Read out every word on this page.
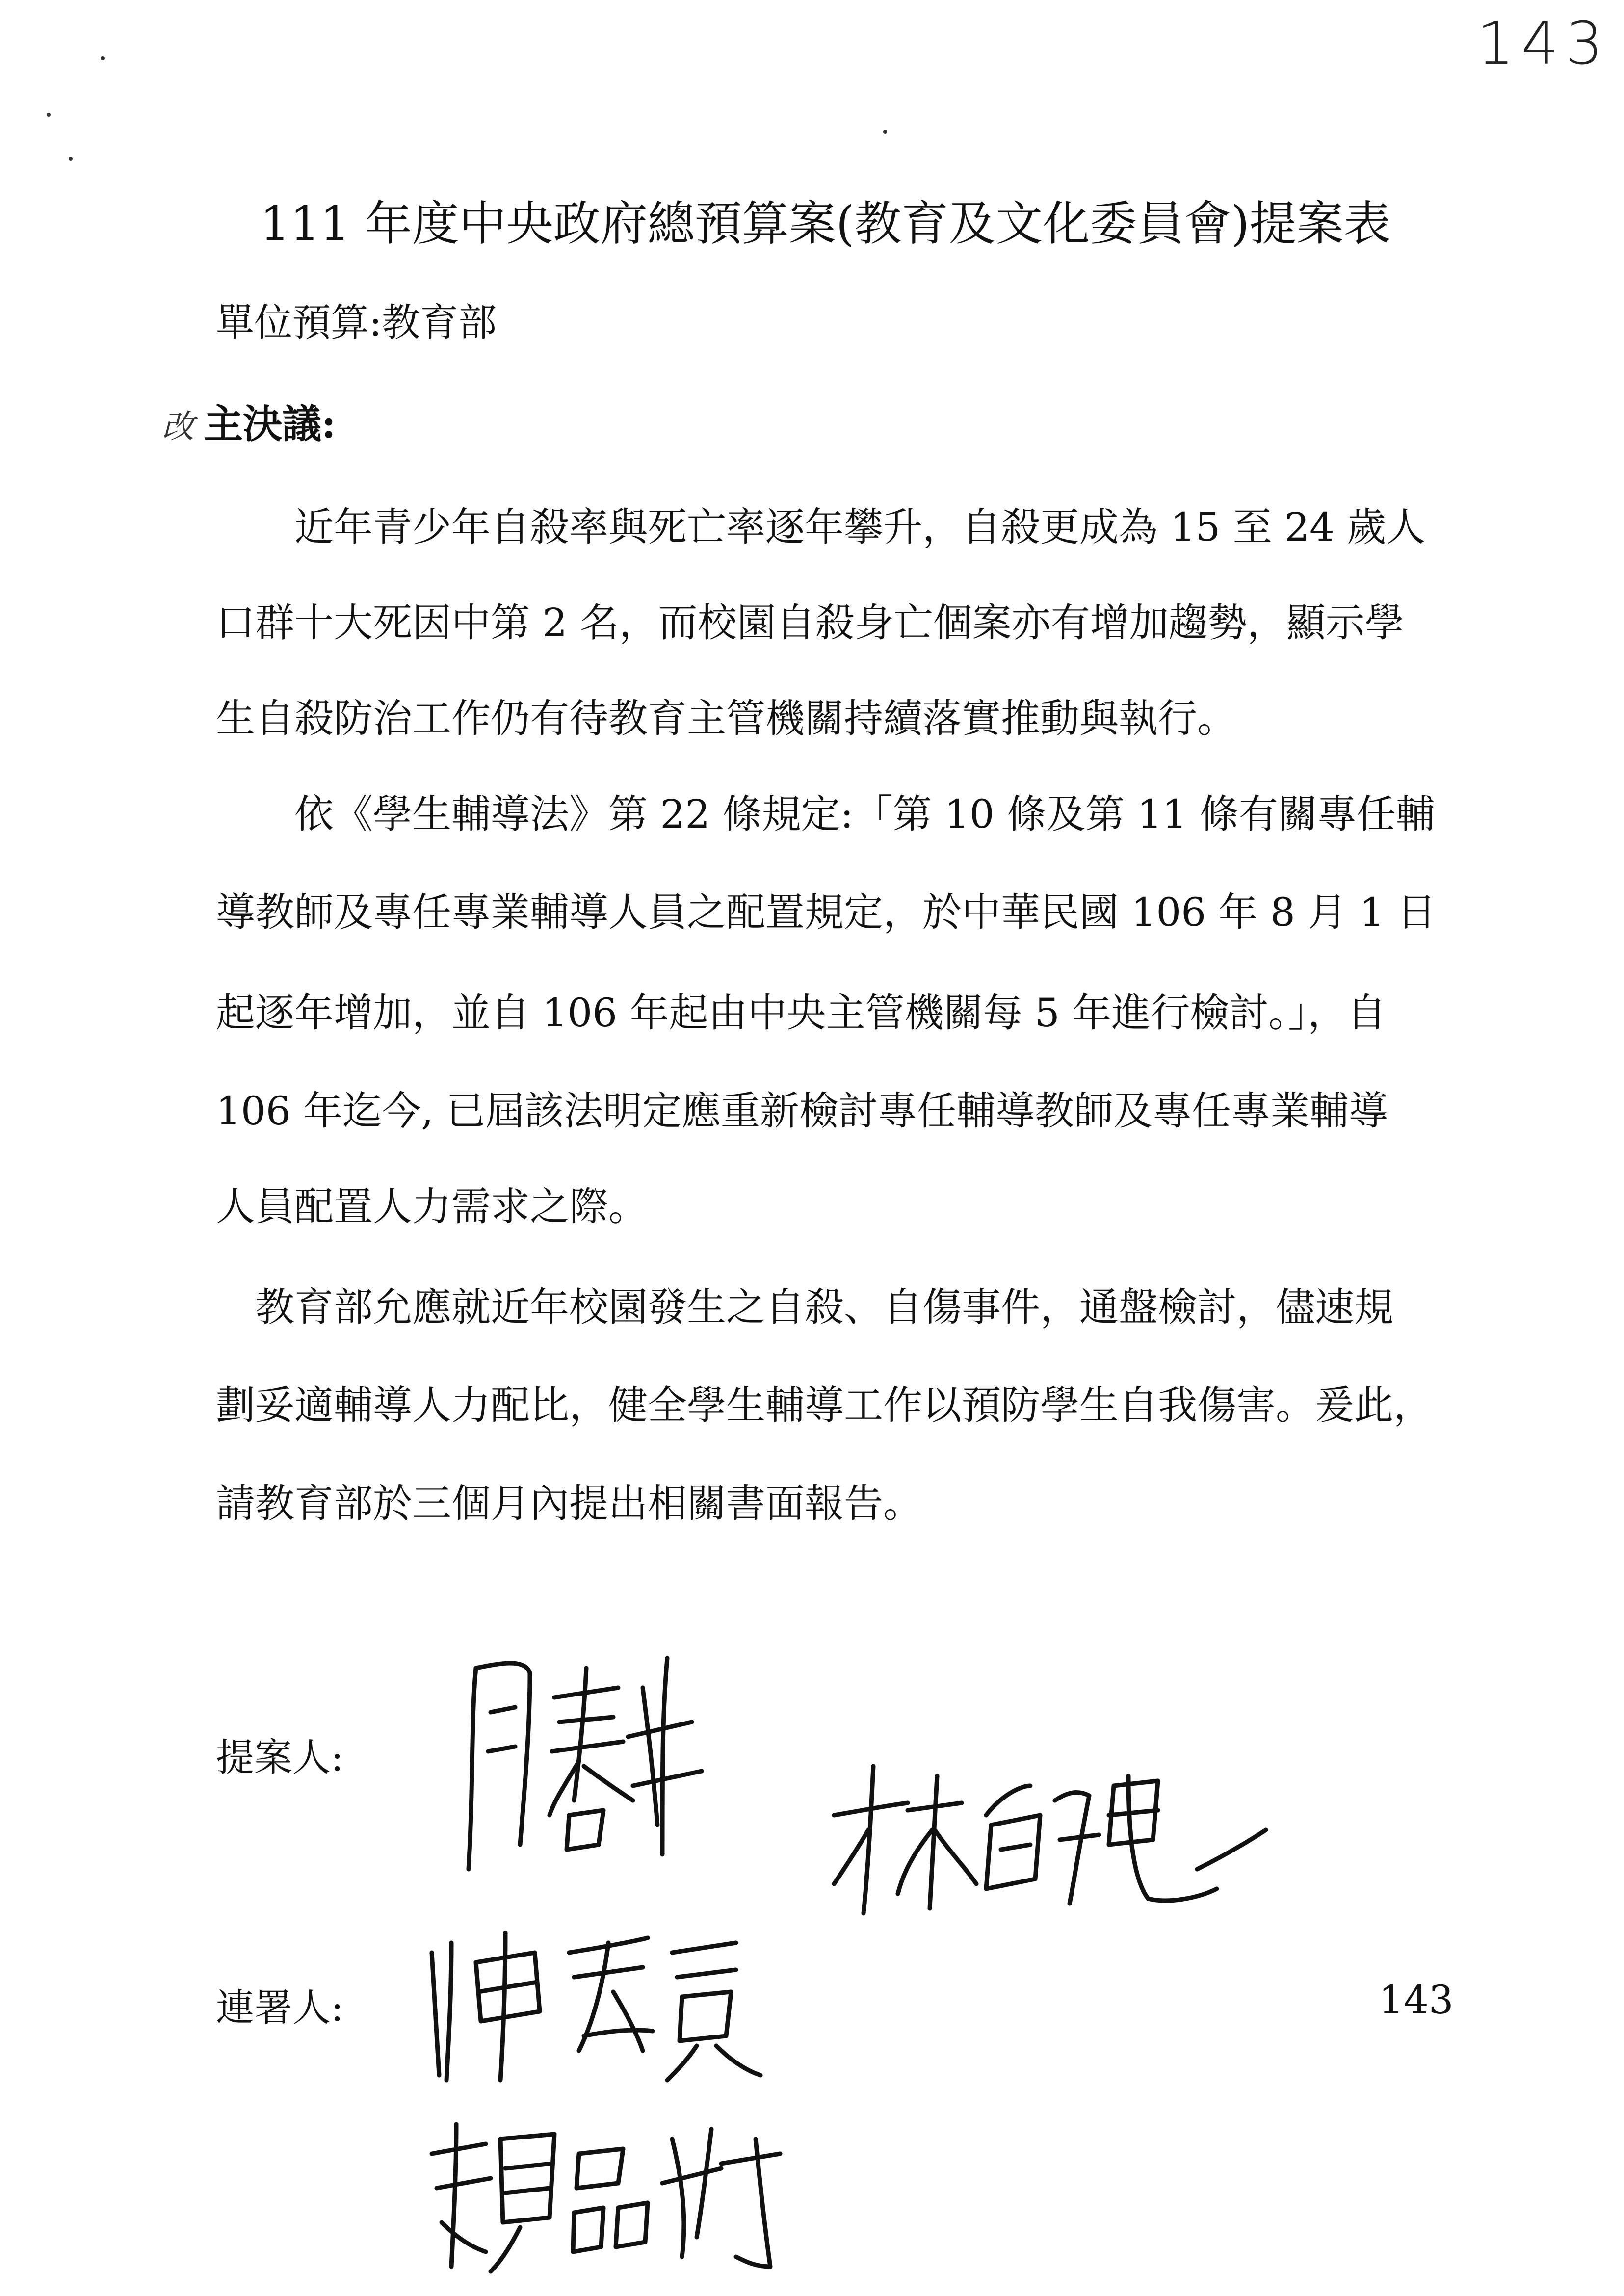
143
111 年度中央政府總預算案(教育及文化委員會)提案表
單位預算:教育部
改 主決議:
近年青少年自殺率與死亡率逐年攀升，自殺更成為 15 至 24 歲人
口群十大死因中第 2 名，而校園自殺身亡個案亦有增加趨勢，顯示學
生自殺防治工作仍有待教育主管機關持續落實推動與執行。
依《學生輔導法》第 22 條規定:「第 10 條及第 11 條有關專任輔
導教師及專任專業輔導人員之配置規定，於中華民國 106 年 8 月 1 日
起逐年增加，並自 106 年起由中央主管機關每 5 年進行檢討。」，自
106 年迄今, 已屆該法明定應重新檢討專任輔導教師及專任專業輔導
人員配置人力需求之際。
教育部允應就近年校園發生之自殺、自傷事件，通盤檢討，儘速規
劃妥適輔導人力配比，健全學生輔導工作以預防學生自我傷害。爰此，
請教育部於三個月內提出相關書面報告。
提案人:
連署人:	143
